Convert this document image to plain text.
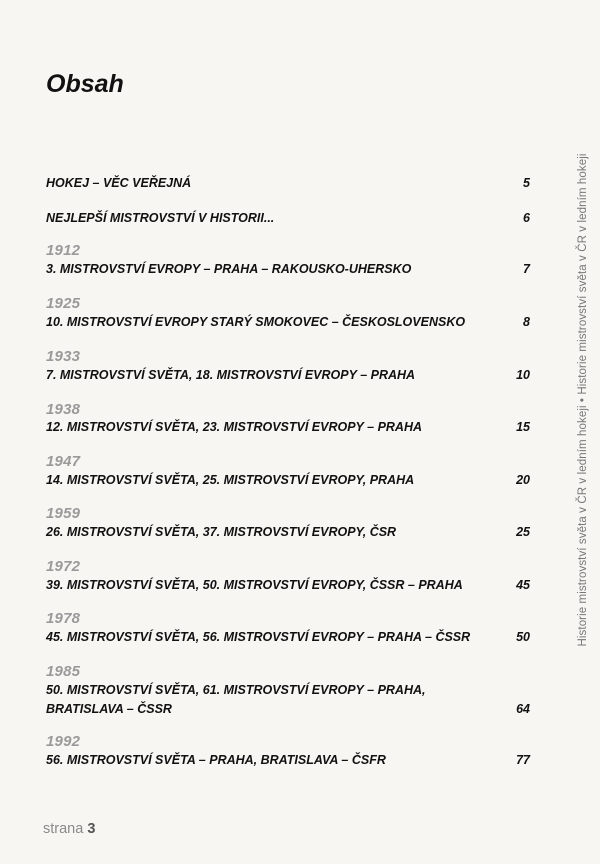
Obsah
HOKEJ – VĚC VEŘEJNÁ	5
NEJLEPŠÍ MISTROVSTVÍ V HISTORII...	6
1912
3. MISTROVSTVÍ EVROPY – PRAHA – RAKOUSKO-UHERSKO	7
1925
10. MISTROVSTVÍ EVROPY STARÝ SMOKOVEC – ČESKOSLOVENSKO	8
1933
7. MISTROVSTVÍ SVĚTA, 18. MISTROVSTVÍ EVROPY – PRAHA	10
1938
12. MISTROVSTVÍ SVĚTA, 23. MISTROVSTVÍ EVROPY – PRAHA	15
1947
14. MISTROVSTVÍ SVĚTA, 25. MISTROVSTVÍ EVROPY, PRAHA	20
1959
26. MISTROVSTVÍ SVĚTA, 37. MISTROVSTVÍ EVROPY, ČSR	25
1972
39. MISTROVSTVÍ SVĚTA, 50. MISTROVSTVÍ EVROPY, ČSSR – PRAHA	45
1978
45. MISTROVSTVÍ SVĚTA, 56. MISTROVSTVÍ EVROPY – PRAHA – ČSSR	50
1985
50. MISTROVSTVÍ SVĚTA, 61. MISTROVSTVÍ EVROPY – PRAHA,
BRATISLAVA – ČSSR	64
1992
56. MISTROVSTVÍ SVĚTA – PRAHA, BRATISLAVA – ČSFR	77
Historie mistrovství světa v ČR v ledním hokeji • Historie mistrovství světa v ČR v ledním hokeji
strana 3
